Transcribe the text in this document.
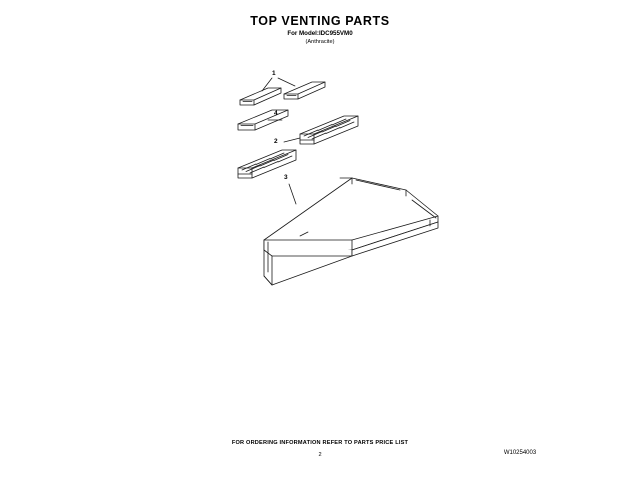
TOP VENTING PARTS
For Model:IDC955VM0
(Anthracite)
1
4
2
3
FOR ORDERING INFORMATION REFER TO PARTS PRICE LIST
2	W10254003
